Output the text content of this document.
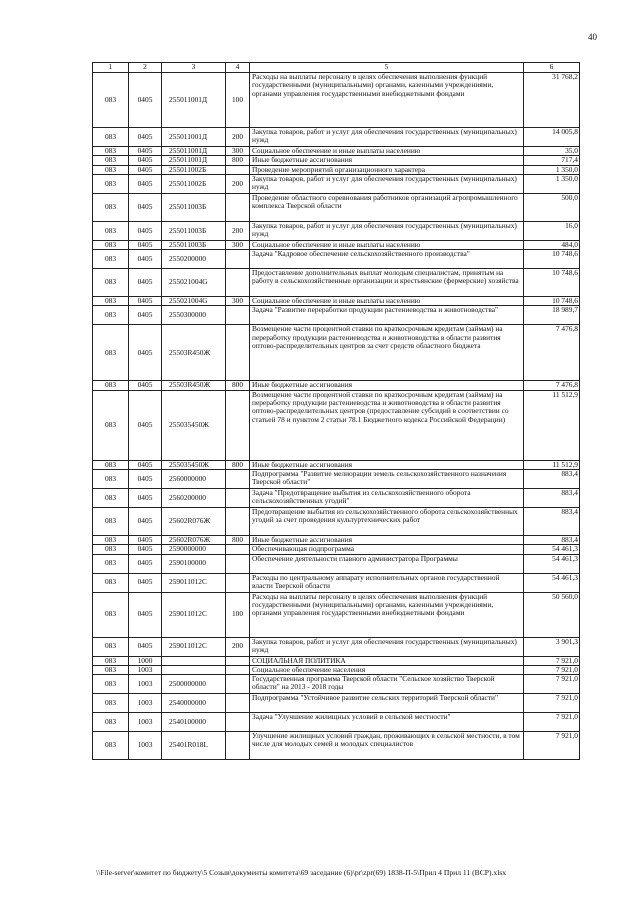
40
1	2	3	4	5	6
083	0405	255011001Д	100	Расходы на выплаты персоналу в целях обеспечения выполнения функций государственными (муниципальными) органами, казенными учреждениями, органами управления государственными внебюджетными фондами	31 768,2
083	0405	255011001Д	200	Закупка товаров, работ и услуг для обеспечения государственных (муниципальных) нужд	14 005,8
083	0405	255011001Д	300	Социальное обеспечение и иные выплаты населению	35,0
083	0405	255011001Д	800	Иные бюджетные ассигнования	717,4
083	0405	255011002Б		Проведение мероприятий организационного характера	1 350,0
083	0405	255011002Б	200	Закупка товаров, работ и услуг для обеспечения государственных (муниципальных) нужд	1 350,0
083	0405	255011003Б		Проведение областного соревнования работников организаций агропромышленного комплекса Тверской области	500,0
083	0405	255011003Б	200	Закупка товаров, работ и услуг для обеспечения государственных (муниципальных) нужд	16,0
083	0405	255011003Б	300	Социальное обеспечение и иные выплаты населению	484,0
083	0405	2550200000		Задача "Кадровое обеспечение сельскохозяйственного производства"	10 748,6
083	0405	255021004G		Предоставление дополнительных выплат молодым специалистам, принятым на работу в сельскохозяйственные организации и крестьянские (фермерские) хозяйства	10 748,6
083	0405	255021004G	300	Социальное обеспечение и иные выплаты населению	10 748,6
083	0405	2550300000		Задача "Развитие переработки продукции растениеводства и животноводства"	18 989,7
083	0405	25503R450Ж		Возмещение части процентной ставки по краткосрочным кредитам (займам) на переработку продукции растениеводства и животноводства в области развития оптово-распределительных центров за счет средств областного бюджета	7 476,8
083	0405	25503R450Ж	800	Иные бюджетные ассигнования	7 476,8
083	0405	255035450Ж		Возмещение части процентной ставки по краткосрочным кредитам (займам) на переработку продукции растениеводства и животноводства в области развития оптово-распределительных центров (предоставление субсидий в соответствии со статьей 78 и пунктом 2 статьи 78.1 Бюджетного кодекса Российской Федерации)	11 512,9
083	0405	255035450Ж	800	Иные бюджетные ассигнования	11 512,9
083	0405	2560000000		Подпрограмма "Развитие мелиорации земель сельскохозяйственного назначения Тверской области"	883,4
083	0405	2560200000		Задача "Предотвращение выбытия из сельскохозяйственного оборота сельскохозяйственных угодий"	883,4
083	0405	25602R076Ж		Предотвращение выбытия из сельскохозяйственного оборота сельскохозяйственных угодий за счет проведения культуртехнических работ	883,4
083	0405	25602R076Ж	800	Иные бюджетные ассигнования	883,4
083	0405	2590000000		Обеспечивающая подпрограмма	54 461,3
083	0405	2590100000		Обеспечение деятельности главного администратора Программы	54 461,3
083	0405	259011012С		Расходы по центральному аппарату исполнительных органов государственной власти Тверской области	54 461,3
083	0405	259011012С	100	Расходы на выплаты персоналу в целях обеспечения выполнения функций государственными (муниципальными) органами, казенными учреждениями, органами управления государственными внебюджетными фондами	50 560,0
083	0405	259011012С	200	Закупка товаров, работ и услуг для обеспечения государственных (муниципальных) нужд	3 901,3
083	1000			СОЦИАЛЬНАЯ ПОЛИТИКА	7 921,0
083	1003			Социальное обеспечение населения	7 921,0
083	1003	2500000000		Государственная программа Тверской области "Сельское хозяйство Тверской области" на 2013 - 2018 годы	7 921,0
083	1003	2540000000		Подпрограмма "Устойчивое развитие сельских территорий Тверской области"	7 921,0
083	1003	2540100000		Задача "Улучшение жилищных условий в сельской местности"	7 921,0
083	1003	25401R018L		Улучшение жилищных условий граждан, проживающих в сельской местности, в том числе для молодых семей и молодых специалистов	7 921,0
\\File-server\комитет по бюджету\5 Созыв\документы комитета\69 заседание (6)\pr\zpr(69) 1838-П-5\Прил 4 Прил 11 (ВСР).xlsx
